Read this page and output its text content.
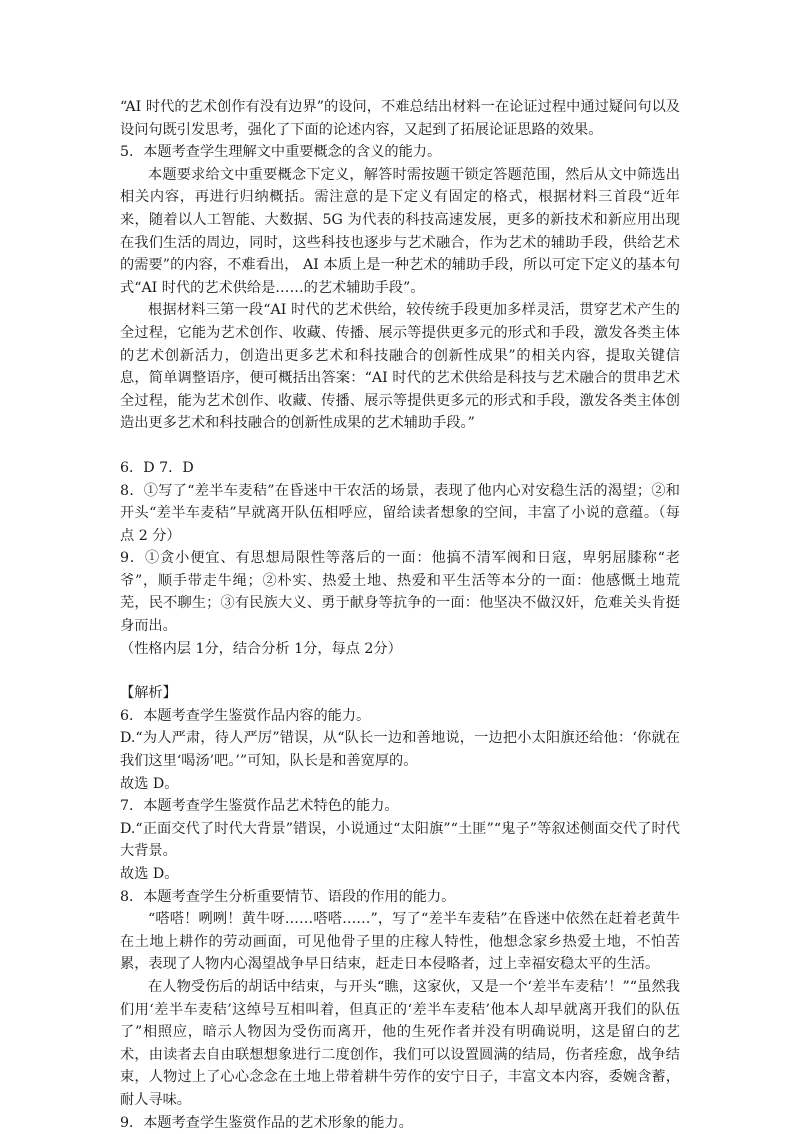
“AI 时代的艺术创作有没有边界”的设问，不难总结出材料一在论证过程中通过疑问句以及设问句既引发思考，强化了下面的论述内容，又起到了拓展论证思路的效果。

5．本题考查学生理解文中重要概念的含义的能力。

本题要求给文中重要概念下定义，解答时需按题干锁定答题范围，然后从文中筛选出相关内容，再进行归纳概括。需注意的是下定义有固定的格式，根据材料三首段“近年来，随着以人工智能、大数据、5G 为代表的科技高速发展，更多的新技术和新应用出现在我们生活的周边，同时，这些科技也逐步与艺术融合，作为艺术的辅助手段，供给艺术的需要”的内容，不难看出， AI 本质上是一种艺术的辅助手段，所以可定下定义的基本句式“AI 时代的艺术供给是……的艺术辅助手段”。

根据材料三第一段“AI 时代的艺术供给，较传统手段更加多样灵活，贯穿艺术产生的全过程，它能为艺术创作、收藏、传播、展示等提供更多元的形式和手段，激发各类主体的艺术创新活力，创造出更多艺术和科技融合的创新性成果”的相关内容，提取关键信息，简单调整语序，便可概括出答案：“AI 时代的艺术供给是科技与艺术融合的贯串艺术全过程，能为艺术创作、收藏、传播、展示等提供更多元的形式和手段，激发各类主体创造出更多艺术和科技融合的创新性成果的艺术辅助手段。”

6．D 7．D

8．①写了“差半车麦秸”在昏迷中干农活的场景，表现了他内心对安稳生活的渴望；②和开头“差半车麦秸”早就离开队伍相呼应，留给读者想象的空间，丰富了小说的意蕴。（每点 2 分）

9．①贪小便宜、有思想局限性等落后的一面：他搞不清军阀和日寇，卑躬屈膝称“老爷”，顺手带走牛绳；②朴实、热爱土地、热爱和平生活等本分的一面：他感慨土地荒芜，民不聊生；③有民族大义、勇于献身等抗争的一面：他坚决不做汉奸，危难关头肯挺身而出。

（性格内层 1分，结合分析 1分，每点 2分）

【解析】

6．本题考查学生鉴赏作品内容的能力。

D.“为人严肃，待人严厉”错误，从“队长一边和善地说，一边把小太阳旗还给他：‘你就在我们这里‘喝汤’吧。’”可知，队长是和善宽厚的。

故选 D。

7．本题考查学生鉴赏作品艺术特色的能力。

D.“正面交代了时代大背景”错误，小说通过“太阳旗”“土匪”“鬼子”等叙述侧面交代了时代大背景。

故选 D。

8．本题考查学生分析重要情节、语段的作用的能力。

“嗒嗒！咧咧！黄牛呀……嗒嗒……”，写了“差半车麦秸”在昏迷中依然在赶着老黄牛在土地上耕作的劳动画面，可见他骨子里的庄稼人特性，他想念家乡热爱土地，不怕苦累，表现了人物内心渴望战争早日结束，赶走日本侵略者，过上幸福安稳太平的生活。

在人物受伤后的胡话中结束，与开头“瞧，这家伙，又是一个‘差半车麦秸’！”“虽然我们用‘差半车麦秸’这绰号互相叫着，但真正的‘差半车麦秸’他本人却早就离开我们的队伍了”相照应，暗示人物因为受伤而离开，他的生死作者并没有明确说明，这是留白的艺术，由读者去自由联想想象进行二度创作，我们可以设置圆满的结局，伤者痊愈，战争结束，人物过上了心心念念在土地上带着耕牛劳作的安宁日子，丰富文本内容，委婉含蓄，耐人寻味。

9．本题考查学生鉴赏作品的艺术形象的能力。
